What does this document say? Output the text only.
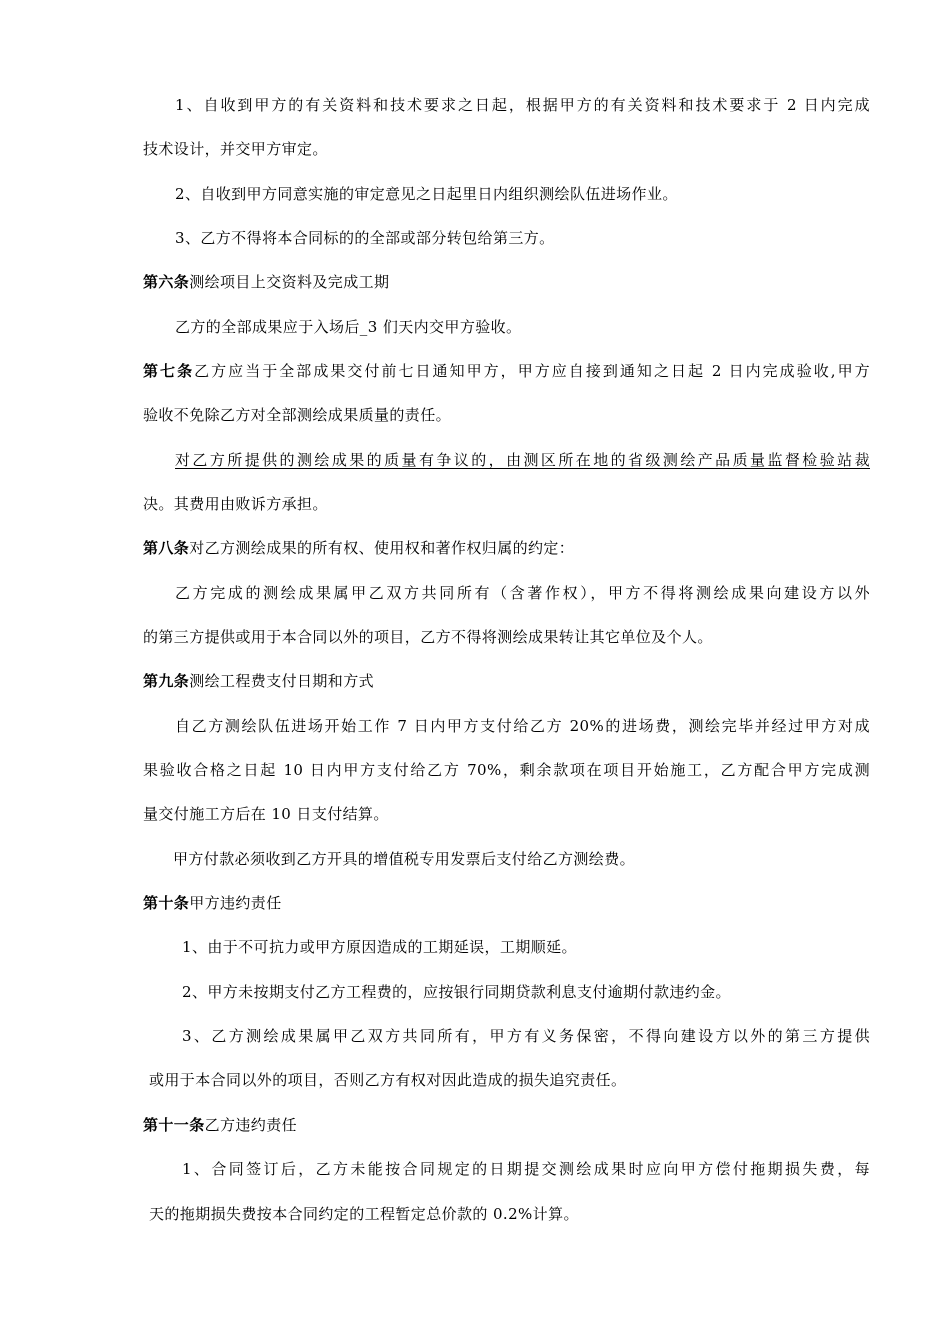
1、自收到甲方的有关资料和技术要求之日起，根据甲方的有关资料和技术要求于 2 日内完成
技术设计，并交甲方审定。
2、自收到甲方同意实施的审定意见之日起里日内组织测绘队伍进场作业。
3、乙方不得将本合同标的的全部或部分转包给第三方。
第六条测绘项目上交资料及完成工期
乙方的全部成果应于入场后_3 们天内交甲方验收。
第七条乙方应当于全部成果交付前七日通知甲方，甲方应自接到通知之日起 2 日内完成验收,甲方
验收不免除乙方对全部测绘成果质量的责任。
对乙方所提供的测绘成果的质量有争议的，由测区所在地的省级测绘产品质量监督检验站裁
决。其费用由败诉方承担。
第八条对乙方测绘成果的所有权、使用权和著作权归属的约定：
乙方完成的测绘成果属甲乙双方共同所有（含著作权），甲方不得将测绘成果向建设方以外
的第三方提供或用于本合同以外的项目，乙方不得将测绘成果转让其它单位及个人。
第九条测绘工程费支付日期和方式
自乙方测绘队伍进场开始工作 7 日内甲方支付给乙方 20%的进场费，测绘完毕并经过甲方对成
果验收合格之日起 10 日内甲方支付给乙方 70%，剩余款项在项目开始施工，乙方配合甲方完成测
量交付施工方后在 10 日支付结算。
甲方付款必须收到乙方开具的增值税专用发票后支付给乙方测绘费。
第十条甲方违约责任
1、由于不可抗力或甲方原因造成的工期延误，工期顺延。
2、甲方未按期支付乙方工程费的，应按银行同期贷款利息支付逾期付款违约金。
3、乙方测绘成果属甲乙双方共同所有，甲方有义务保密，不得向建设方以外的第三方提供
或用于本合同以外的项目，否则乙方有权对因此造成的损失追究责任。
第十一条乙方违约责任
1、合同签订后，乙方未能按合同规定的日期提交测绘成果时应向甲方偿付拖期损失费，每
天的拖期损失费按本合同约定的工程暂定总价款的 0.2%计算。
